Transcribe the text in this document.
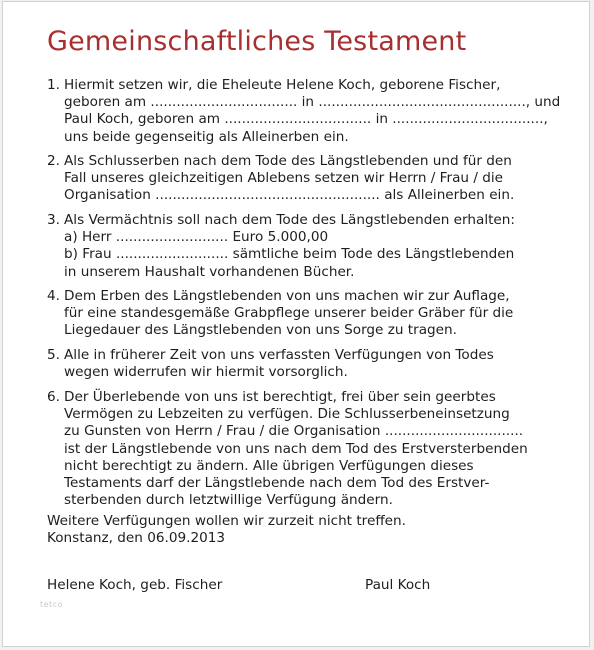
Gemeinschaftliches Testament
1. Hiermit setzen wir, die Eheleute Helene Koch, geborene Fischer,
geboren am .................................. in ................................................, und
Paul Koch, geboren am .................................. in ...................................,
uns beide gegenseitig als Alleinerben ein.
2. Als Schlusserben nach dem Tode des Längstlebenden und für den
Fall unseres gleichzeitigen Ablebens setzen wir Herrn / Frau / die
Organisation .................................................... als Alleinerben ein.
3. Als Vermächtnis soll nach dem Tode des Längstlebenden erhalten:
a) Herr .......................... Euro 5.000,00
b) Frau .......................... sämtliche beim Tode des Längstlebenden
in unserem Haushalt vorhandenen Bücher.
4. Dem Erben des Längstlebenden von uns machen wir zur Auflage,
für eine standesgemäße Grabpflege unserer beider Gräber für die
Liegedauer des Längstlebenden von uns Sorge zu tragen.
5. Alle in früherer Zeit von uns verfassten Verfügungen von Todes
wegen widerrufen wir hiermit vorsorglich.
6. Der Überlebende von uns ist berechtigt, frei über sein geerbtes
Vermögen zu Lebzeiten zu verfügen. Die Schlusserbeneinsetzung
zu Gunsten von Herrn / Frau / die Organisation ................................
ist der Längstlebende von uns nach dem Tod des Erstversterbenden
nicht berechtigt zu ändern. Alle übrigen Verfügungen dieses
Testaments darf der Längstlebende nach dem Tod des Erstver-
sterbenden durch letztwillige Verfügung ändern.
Weitere Verfügungen wollen wir zurzeit nicht treffen.
Konstanz, den 06.09.2013
Helene Koch, geb. Fischer	Paul Koch
tetco
